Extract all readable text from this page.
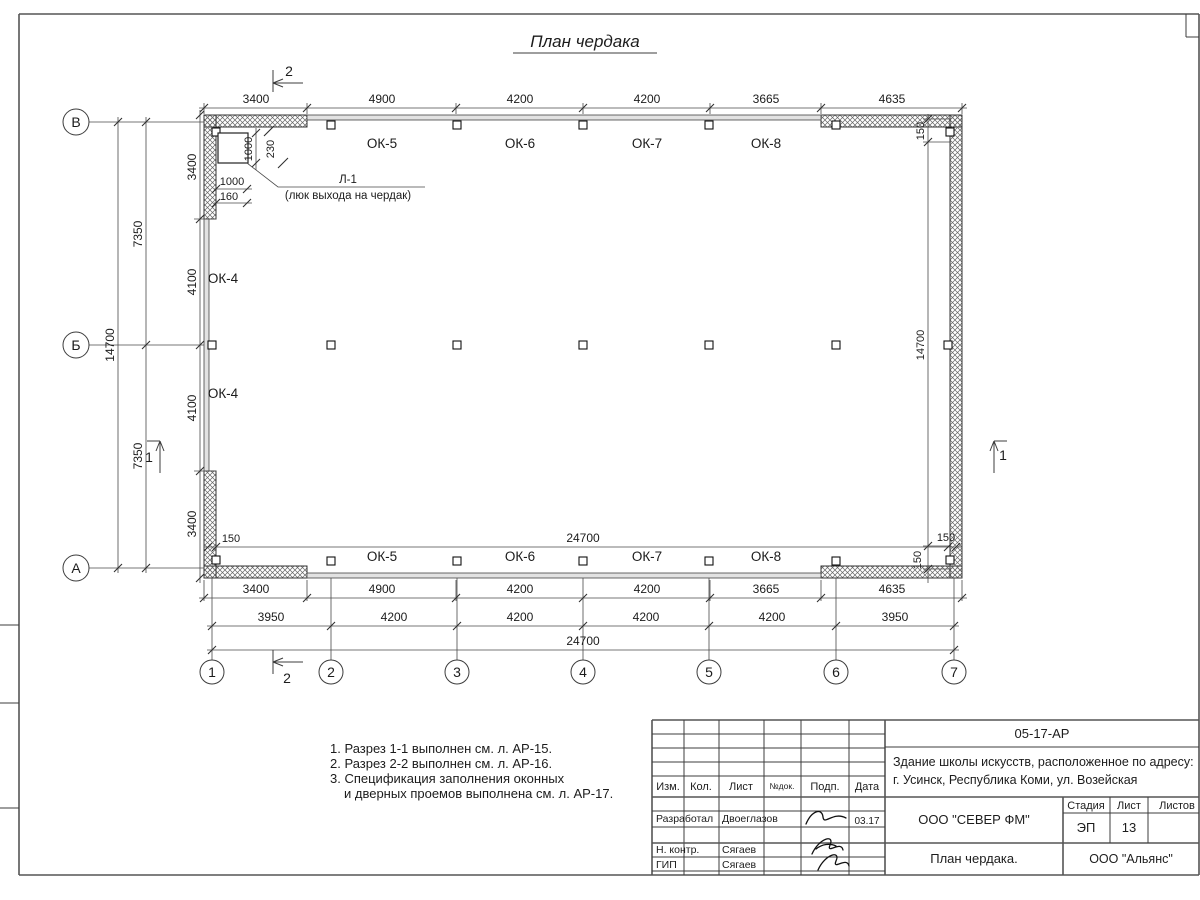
План чердака
1000 230
1000
160
Л-1
(люк выхода на чердак)
ОК-5	ОК-6	ОК-7	ОК-8
ОК-5	ОК-6	ОК-7	ОК-8
ОК-4
ОК-4
3400	4900	4200	4200	3665	4635
150
14700
150
150	24700	150
3400	4900	4200	4200	3665	4635
3950	4200	4200	4200	4200	3950
24700
3400
4100
4100
3400
7350
7350
14700
В
Б
А
1	2	3	4	5	6	7
2
2
1	1
1. Разрез 1-1 выполнен см. л. АР-15.
2. Разрез 2-2 выполнен см. л. АР-16.
3. Спецификация заполнения оконных
и дверных проемов выполнена см. л. АР-17.	Изм. Кол. Лист №док. Подп. Дата
Разработал Двоеглазов	03.17
Н. контр. Сягаев
ГИП	Сягаев
05-17-АР
Здание школы искусств, расположенное по адресу:
г. Усинск, Республика Коми, ул. Возейская
ООО "СЕВЕР ФМ"
Стадия Лист Листов
ЭП 13
План чердака.	ООО "Альянс"
